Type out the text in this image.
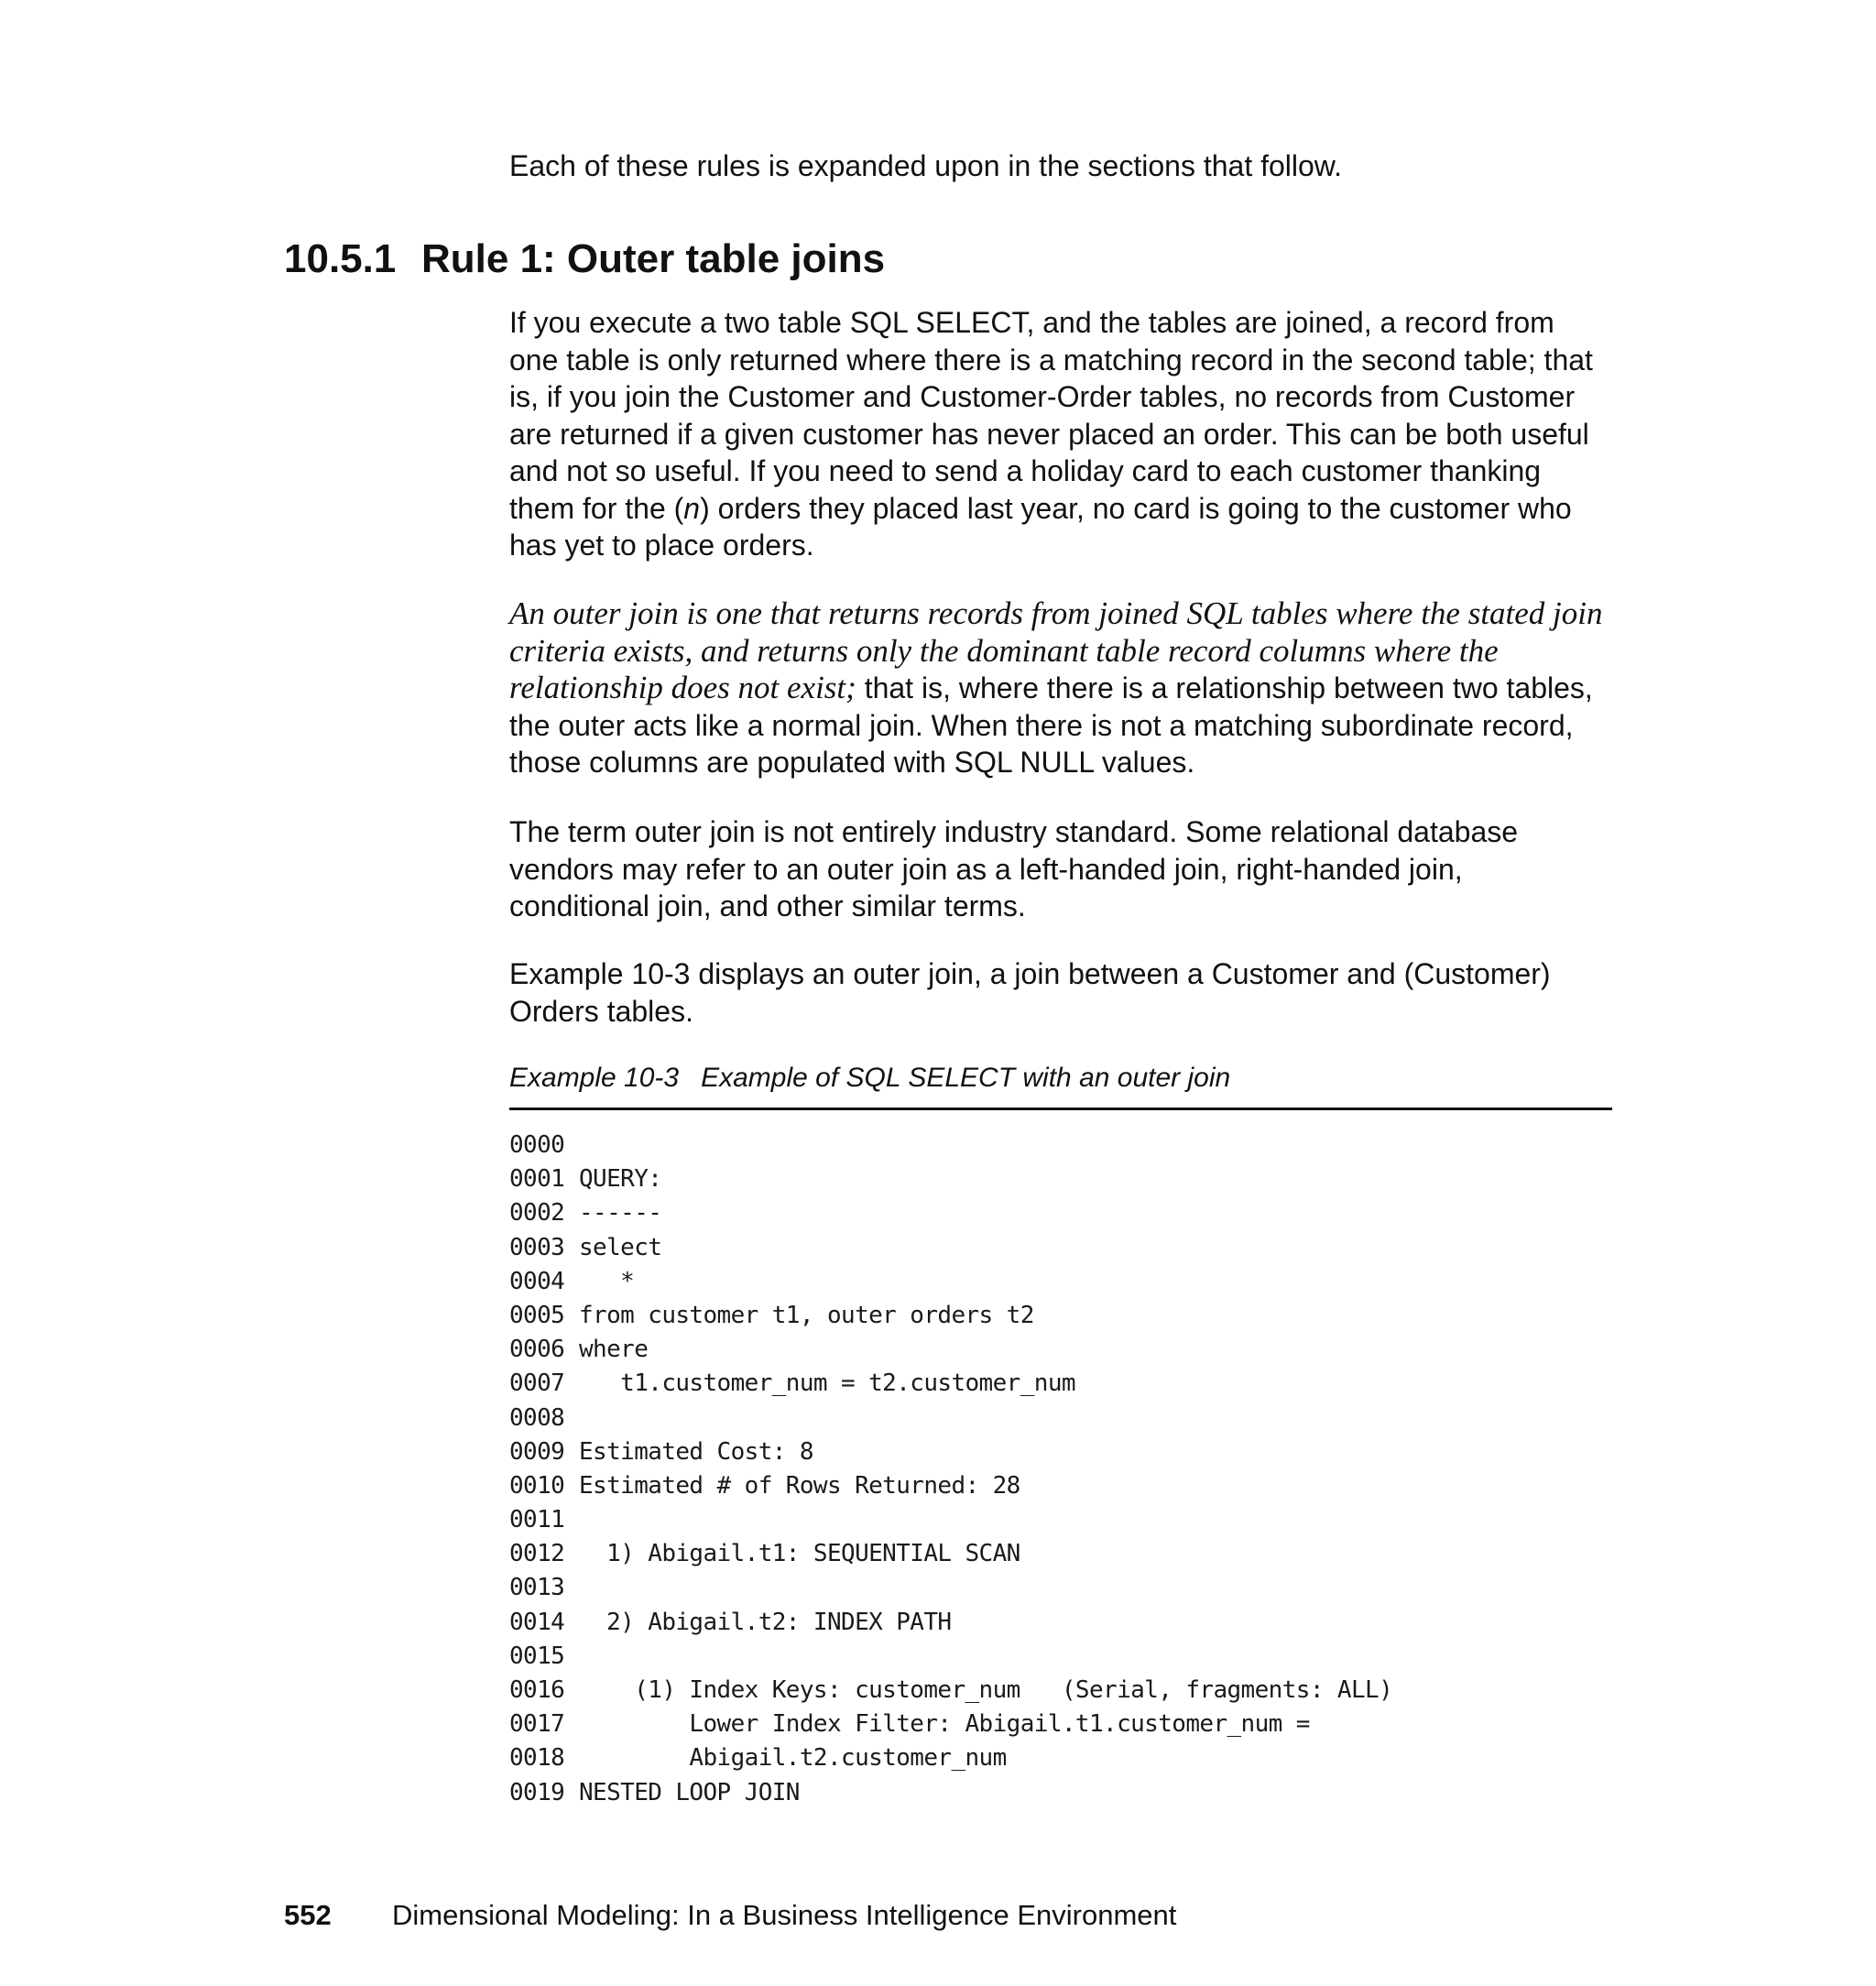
Each of these rules is expanded upon in the sections that follow.

10.5.1 Rule 1: Outer table joins

If you execute a two table SQL SELECT, and the tables are joined, a record from one table is only returned where there is a matching record in the second table; that is, if you join the Customer and Customer-Order tables, no records from Customer are returned if a given customer has never placed an order. This can be both useful and not so useful. If you need to send a holiday card to each customer thanking them for the (n) orders they placed last year, no card is going to the customer who has yet to place orders.

An outer join is one that returns records from joined SQL tables where the stated join criteria exists, and returns only the dominant table record columns where the relationship does not exist; that is, where there is a relationship between two tables, the outer acts like a normal join. When there is not a matching subordinate record, those columns are populated with SQL NULL values.

The term outer join is not entirely industry standard. Some relational database vendors may refer to an outer join as a left-handed join, right-handed join, conditional join, and other similar terms.

Example 10-3 displays an outer join, a join between a Customer and (Customer) Orders tables.

Example 10-3 Example of SQL SELECT with an outer join

0000
0001 QUERY:
0002 ------
0003 select
0004   *
0005 from customer t1, outer orders t2
0006 where
0007   t1.customer_num = t2.customer_num
0008
0009 Estimated Cost: 8
0010 Estimated # of Rows Returned: 28
0011
0012  1) Abigail.t1: SEQUENTIAL SCAN
0013
0014  2) Abigail.t2: INDEX PATH
0015
0016    (1) Index Keys: customer_num   (Serial, fragments: ALL)
0017        Lower Index Filter: Abigail.t1.customer_num =
0018        Abigail.t2.customer_num
0019 NESTED LOOP JOIN
552 Dimensional Modeling: In a Business Intelligence Environment
